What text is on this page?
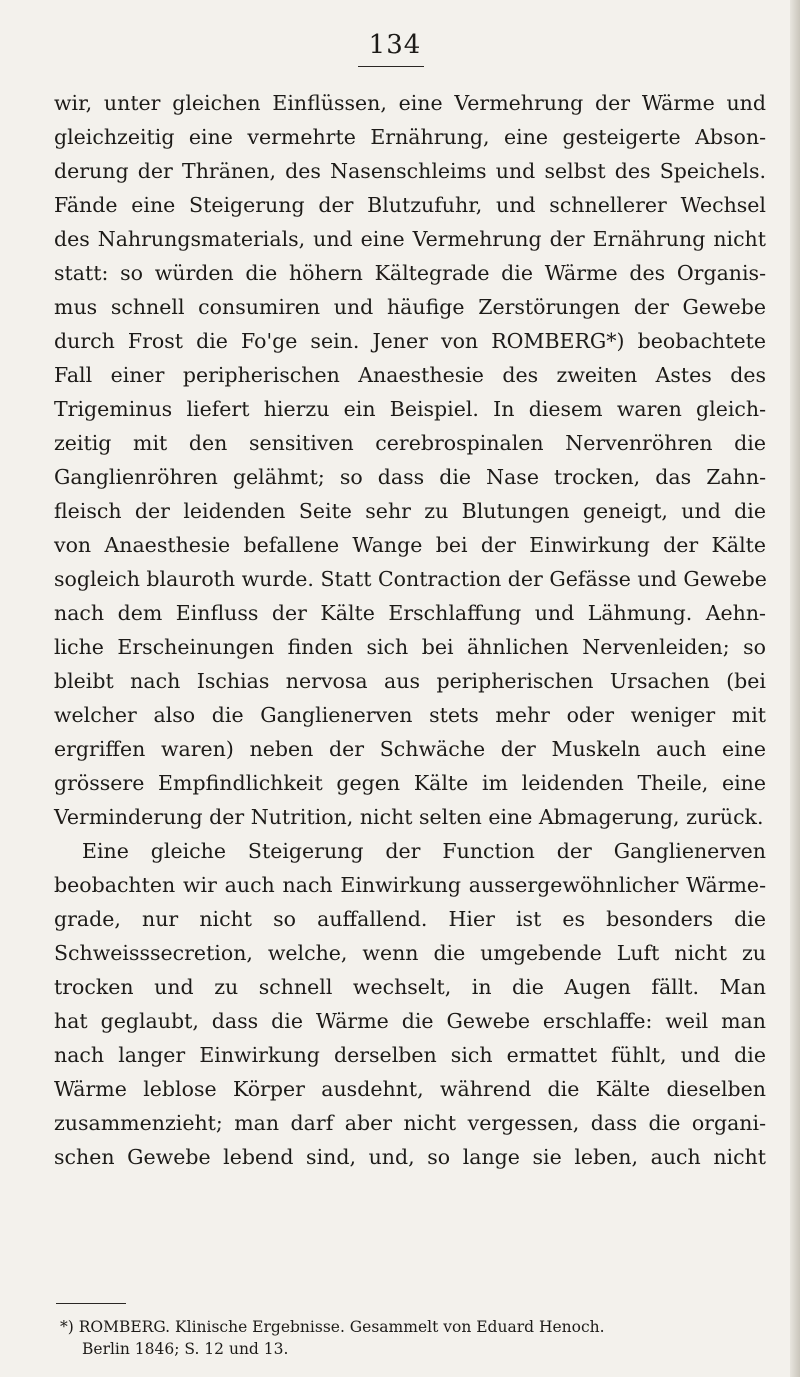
134
wir, unter gleichen Einflüssen, eine Vermehrung der Wärme und
gleichzeitig eine vermehrte Ernährung, eine gesteigerte Abson-
derung der Thränen, des Nasenschleims und selbst des Speichels.
Fände eine Steigerung der Blutzufuhr, und schnellerer Wechsel
des Nahrungsmaterials, und eine Vermehrung der Ernährung nicht
statt: so würden die höhern Kältegrade die Wärme des Organis-
mus schnell consumiren und häufige Zerstörungen der Gewebe
durch Frost die Fo'ge sein. Jener von ROMBERG*) beobachtete
Fall einer peripherischen Anaesthesie des zweiten Astes des
Trigeminus liefert hierzu ein Beispiel. In diesem waren gleich-
zeitig mit den sensitiven cerebrospinalen Nervenröhren die
Ganglienröhren gelähmt; so dass die Nase trocken, das Zahn-
fleisch der leidenden Seite sehr zu Blutungen geneigt, und die
von Anaesthesie befallene Wange bei der Einwirkung der Kälte
sogleich blauroth wurde. Statt Contraction der Gefässe und Gewebe
nach dem Einfluss der Kälte Erschlaffung und Lähmung. Aehn-
liche Erscheinungen finden sich bei ähnlichen Nervenleiden; so
bleibt nach Ischias nervosa aus peripherischen Ursachen (bei
welcher also die Ganglienerven stets mehr oder weniger mit
ergriffen waren) neben der Schwäche der Muskeln auch eine
grössere Empfindlichkeit gegen Kälte im leidenden Theile, eine
Verminderung der Nutrition, nicht selten eine Abmagerung, zurück.
Eine gleiche Steigerung der Function der Ganglienerven
beobachten wir auch nach Einwirkung aussergewöhnlicher Wärme-
grade, nur nicht so auffallend. Hier ist es besonders die
Schweisssecretion, welche, wenn die umgebende Luft nicht zu
trocken und zu schnell wechselt, in die Augen fällt. Man
hat geglaubt, dass die Wärme die Gewebe erschlaffe: weil man
nach langer Einwirkung derselben sich ermattet fühlt, und die
Wärme leblose Körper ausdehnt, während die Kälte dieselben
zusammenzieht; man darf aber nicht vergessen, dass die organi-
schen Gewebe lebend sind, und, so lange sie leben, auch nicht
*) ROMBERG. Klinische Ergebnisse. Gesammelt von Eduard Henoch.
Berlin 1846; S. 12 und 13.
